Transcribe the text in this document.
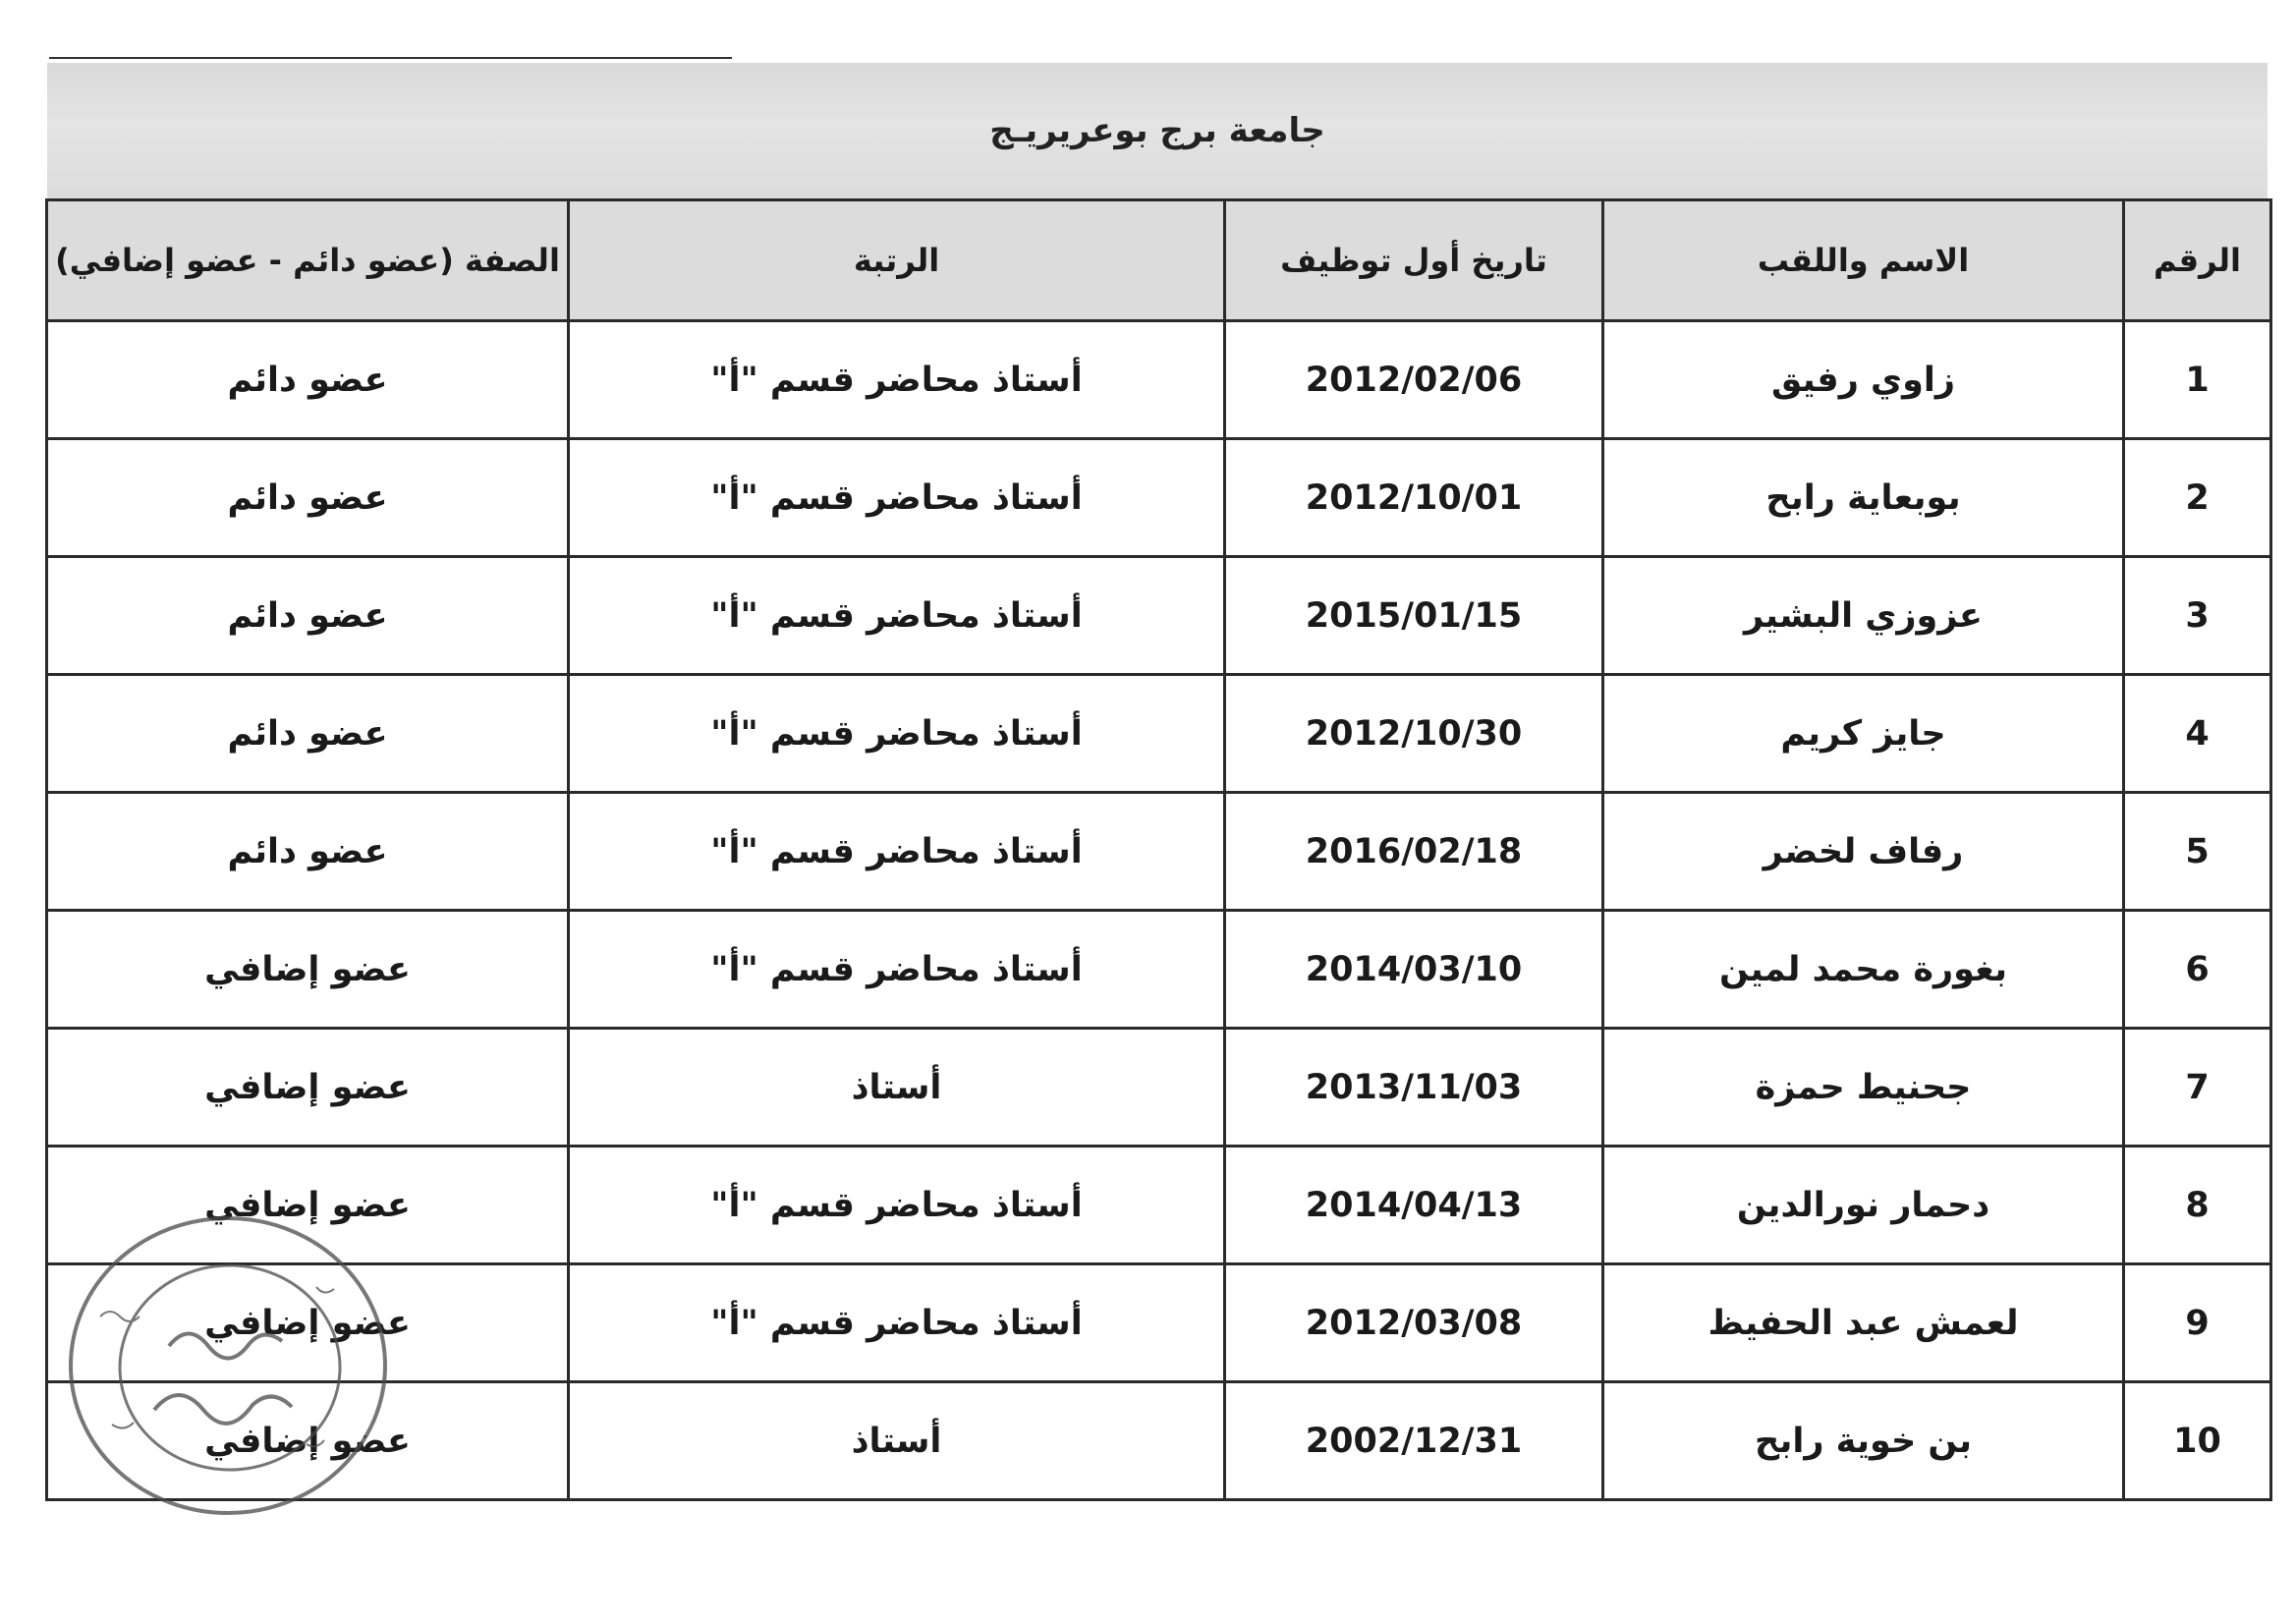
جامعة برج بوعريريـج
الرقم	الاسم واللقب	تاريخ أول توظيف	الرتبة	الصفة (عضو دائم - عضو إضافي)
1	زاوي رفيق	2012/02/06	أستاذ محاضر قسم "أ"	عضو دائم
2	بوبعاية رابح	2012/10/01	أستاذ محاضر قسم "أ"	عضو دائم
3	عزوزي البشير	2015/01/15	أستاذ محاضر قسم "أ"	عضو دائم
4	جايز كريم	2012/10/30	أستاذ محاضر قسم "أ"	عضو دائم
5	رفاف لخضر	2016/02/18	أستاذ محاضر قسم "أ"	عضو دائم
6	بغورة محمد لمين	2014/03/10	أستاذ محاضر قسم "أ"	عضو إضافي
7	جحنيط حمزة	2013/11/03	أستاذ	عضو إضافي
8	دحمار نورالدين	2014/04/13	أستاذ محاضر قسم "أ"	عضو إضافي
9	لعمش عبد الحفيظ	2012/03/08	أستاذ محاضر قسم "أ"	عضو إضافي
10	بن خوية رابح	2002/12/31	أستاذ	عضو إضافي
